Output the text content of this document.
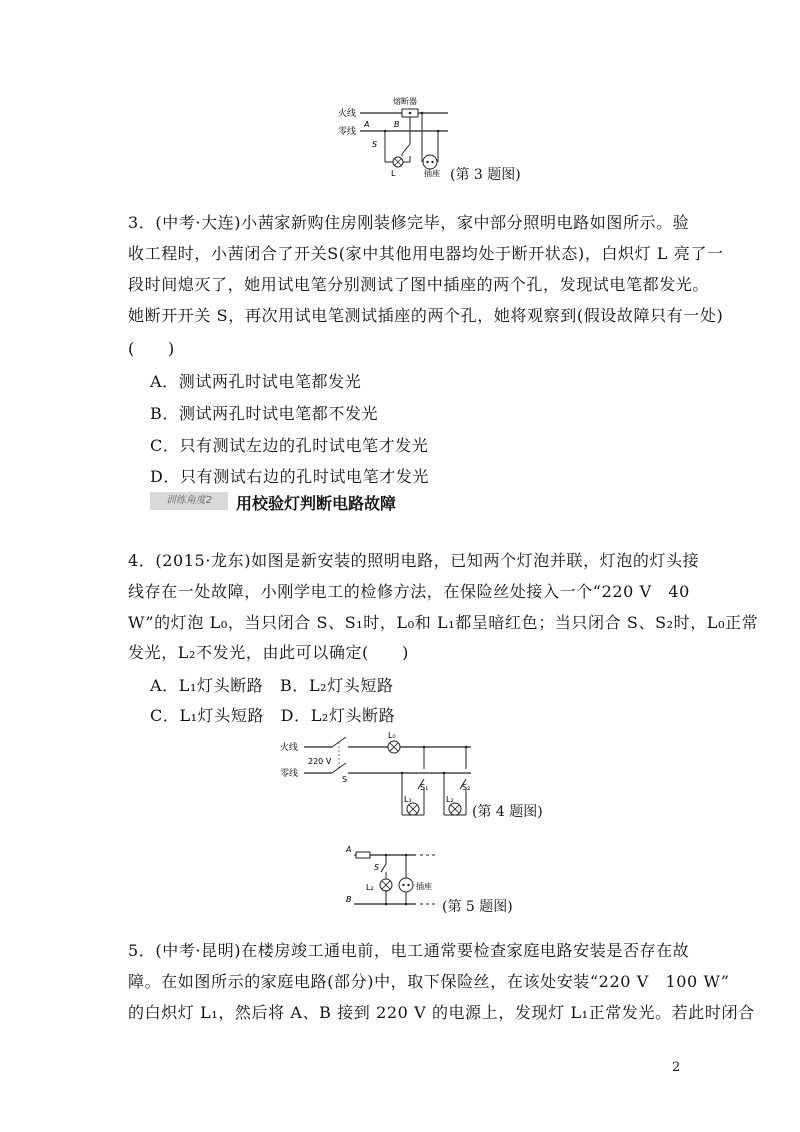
火线
零线
熔断器
A	B
S
L	插座 (第 3 题图)
3．(中考·大连)小茜家新购住房刚装修完毕，家中部分照明电路如图所示。验
收工程时，小茜闭合了开关S(家中其他用电器均处于断开状态)，白炽灯 L 亮了一
段时间熄灭了，她用试电笔分别测试了图中插座的两个孔，发现试电笔都发光。
她断开开关 S，再次用试电笔测试插座的两个孔，她将观察到(假设故障只有一处)
(　　)
A．测试两孔时试电笔都发光
B．测试两孔时试电笔都不发光
C．只有测试左边的孔时试电笔才发光
D．只有测试右边的孔时试电笔才发光
训练角度2	用校验灯判断电路故障
4．(2015·龙东)如图是新安装的照明电路，已知两个灯泡并联，灯泡的灯头接
线存在一处故障，小刚学电工的检修方法，在保险丝处接入一个“220 V　40
W”的灯泡 L₀，当只闭合 S、S₁时，L₀和 L₁都呈暗红色；当只闭合 S、S₂时，L₀正常
发光，L₂不发光，由此可以确定(　　)
A．L₁灯头断路　B．L₂灯头短路
C．L₁灯头短路　D．L₂灯头断路
火线
零线
220 V
S
L₀
L₁
S₁
L₂
S₂
(第 4 题图)
A
B
S
L₂	插座
(第 5 题图)
5．(中考·昆明)在楼房竣工通电前，电工通常要检查家庭电路安装是否存在故
障。在如图所示的家庭电路(部分)中，取下保险丝，在该处安装“220 V　100 W”
的白炽灯 L₁，然后将 A、B 接到 220 V 的电源上，发现灯 L₁正常发光。若此时闭合
2
